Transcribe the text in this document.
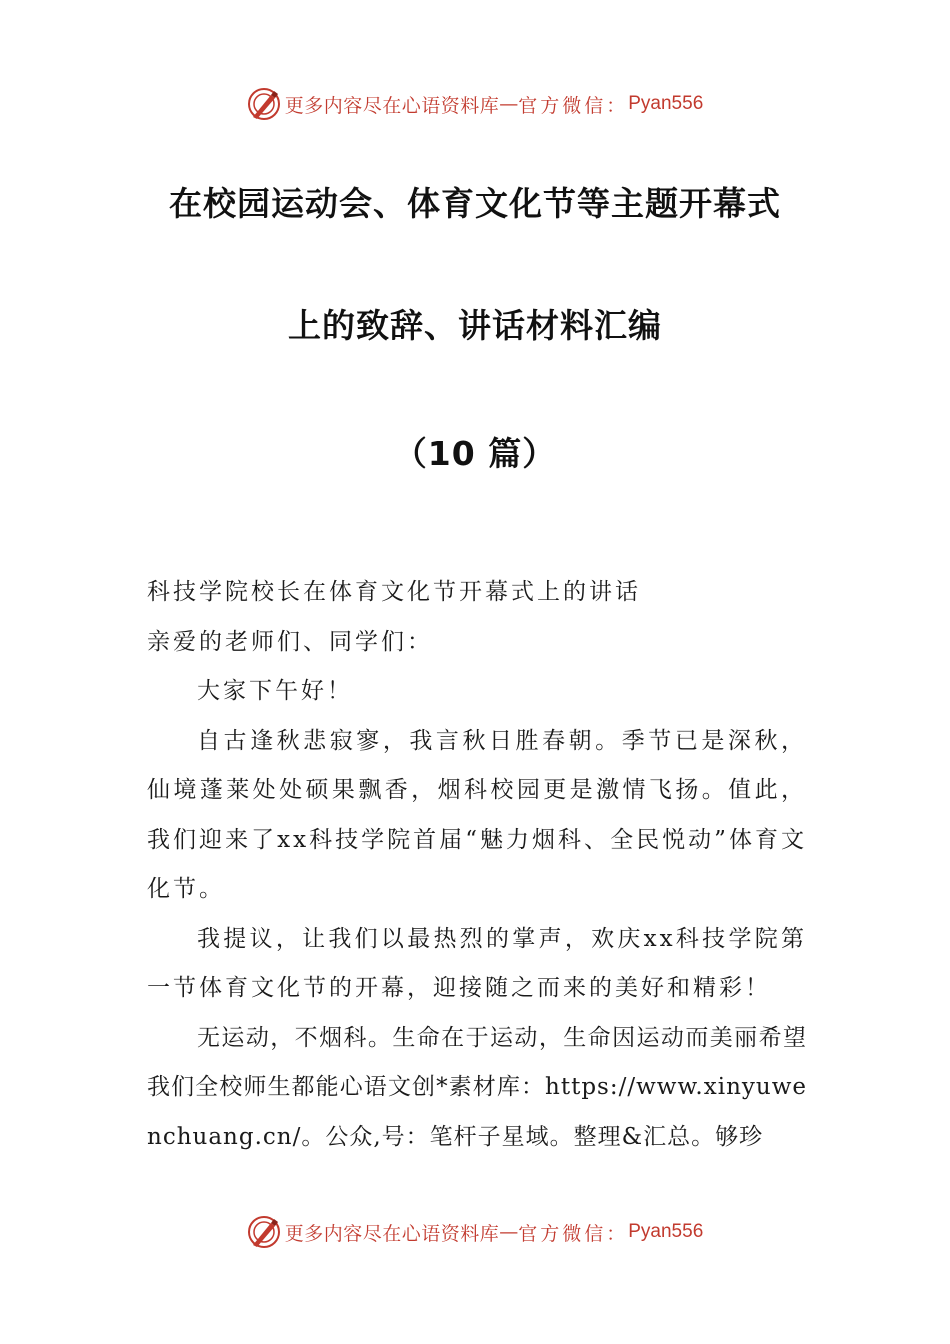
更多内容尽在心语资料库 — 官方微信： Pyan556
在校园运动会、体育文化节等主题开幕式
上的致辞、讲话材料汇编
（10 篇）

科技学院校长在体育文化节开幕式上的讲话

亲爱的老师们、同学们：

大家下午好！

自古逢秋悲寂寥，我言秋日胜春朝。季节已是深秋，仙境蓬莱处处硕果飘香，烟科校园更是激情飞扬。值此，我们迎来了xx科技学院首届“魅力烟科、全民悦动”体育文化节。

我提议，让我们以最热烈的掌声，欢庆xx科技学院第一节体育文化节的开幕，迎接随之而来的美好和精彩！

无运动，不烟科。生命在于运动，生命因运动而美丽希望我们全校师生都能心语文创*素材库：https://www.xinyuwenchuang.cn/。公众,号：笔杆子星域。整理&汇总。够珍

更多内容尽在心语资料库 — 官方微信： Pyan556
